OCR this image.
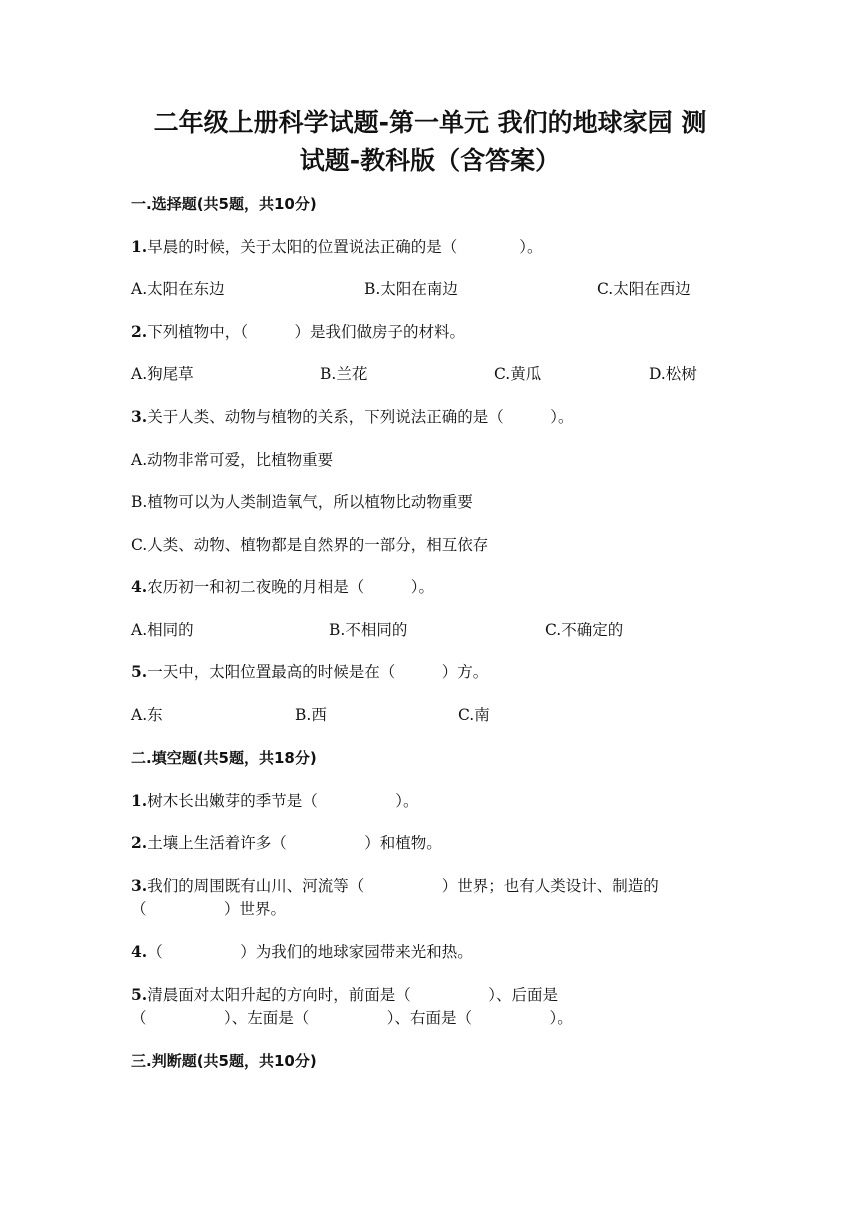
二年级上册科学试题-第一单元 我们的地球家园 测
试题-教科版（含答案）
一.选择题(共5题，共10分)
1.早晨的时候，关于太阳的位置说法正确的是（　　　　）。
A.太阳在东边	B.太阳在南边	C.太阳在西边
2.下列植物中，（　　　）是我们做房子的材料。
A.狗尾草	B.兰花	C.黄瓜	D.松树
3.关于人类、动物与植物的关系，下列说法正确的是（　　　）。
A.动物非常可爱，比植物重要
B.植物可以为人类制造氧气，所以植物比动物重要
C.人类、动物、植物都是自然界的一部分，相互依存
4.农历初一和初二夜晚的月相是（　　　）。
A.相同的	B.不相同的	C.不确定的
5.一天中，太阳位置最高的时候是在（　　　）方。
A.东	B.西	C.南
二.填空题(共5题，共18分)
1.树木长出嫩芽的季节是（　　　　　）。
2.土壤上生活着许多（　　　　　）和植物。
3.我们的周围既有山川、河流等（　　　　　）世界；也有人类设计、制造的
（　　　　　）世界。
4.（　　　　　）为我们的地球家园带来光和热。
5.清晨面对太阳升起的方向时，前面是（　　　　　）、后面是
（　　　　　）、左面是（　　　　　）、右面是（　　　　　）。
三.判断题(共5题，共10分)
